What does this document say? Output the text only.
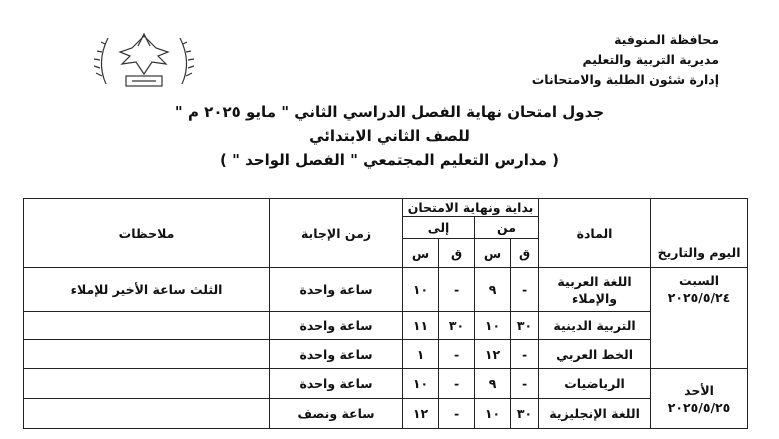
محافظة المنوفية
مديرية التربية والتعليم
إدارة شئون الطلبة والامتحانات
جدول امتحان نهاية الفصل الدراسي الثاني " مايو ٢٠٢٥ م "
للصف الثاني الابتدائي
( مدارس التعليم المجتمعي " الفصل الواحد " )
اليوم والتاريخ	المادة	بداية ونهاية الامتحان				زمن الإجابة	ملاحظات
		من		إلى			
		ق	س	ق	س		

السبت
٢٠٢٥/٥/٢٤	اللغة العربية والإملاء	-	٩	-	١٠	ساعة واحدة	الثلث ساعة الأخير للإملاء
	التربية الدينية	٣٠	١٠	٣٠	١١	ساعة واحدة	
	الخط العربي	-	١٢	-	١	ساعة واحدة	

الأحد
٢٠٢٥/٥/٢٥	الرياضيات	-	٩	-	١٠	ساعة واحدة	
	اللغة الإنجليزية	٣٠	١٠	-	١٢	ساعة ونصف	
